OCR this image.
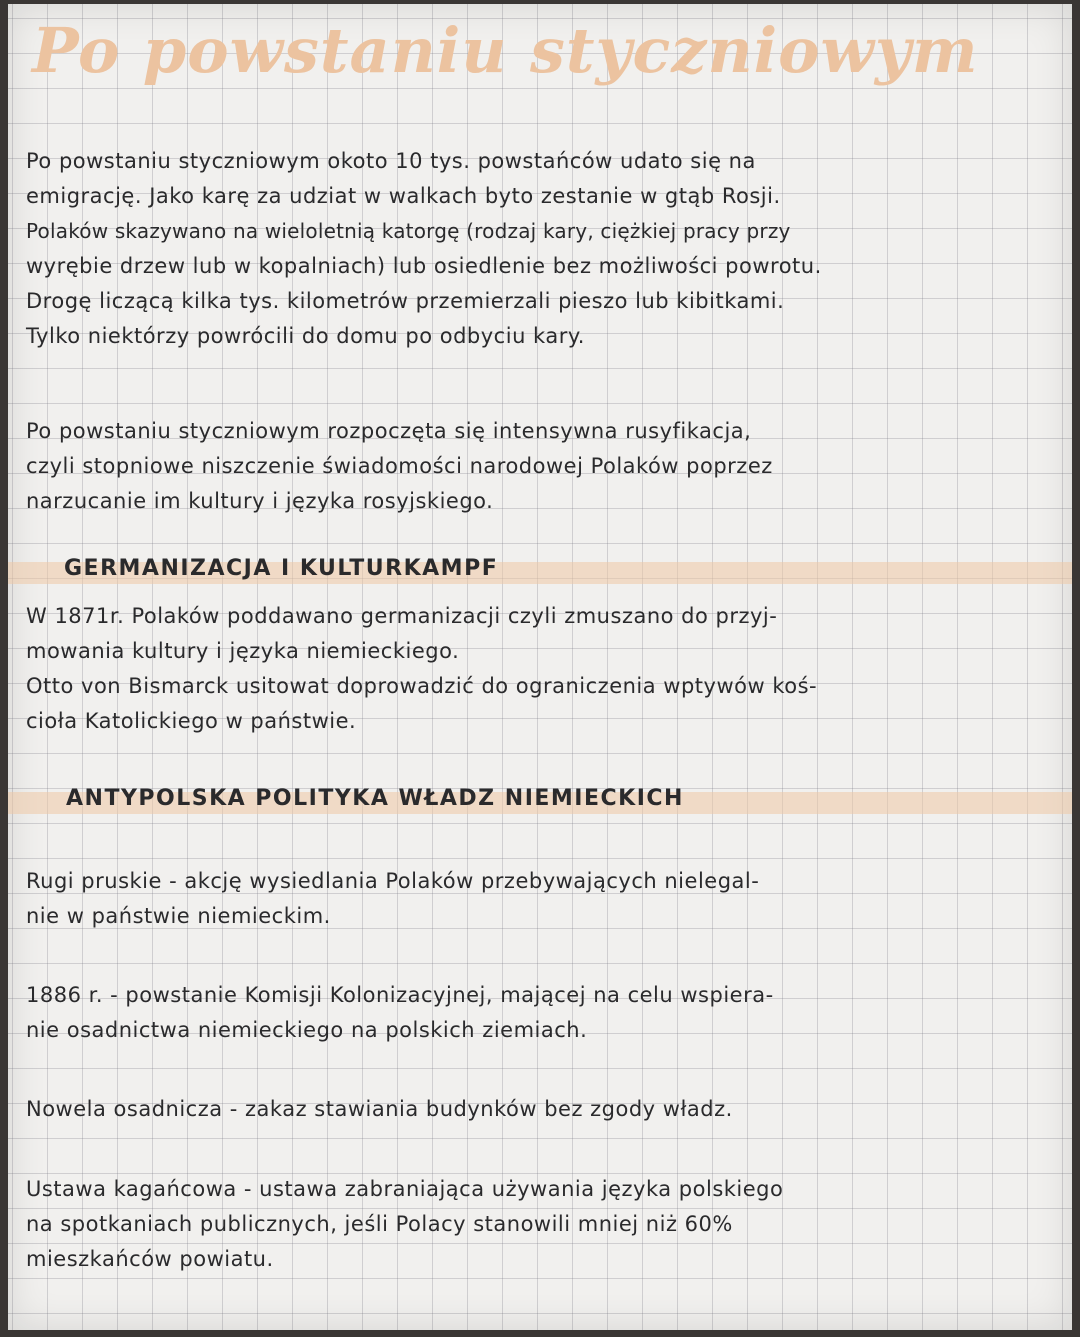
Po powstaniu styczniowym
Po powstaniu styczniowym okoto 10 tys. powstańców udato się na
emigrację. Jako karę za udziat w walkach byto zestanie w gtąb Rosji.
Polaków skazywano na wieloletnią katorgę (rodzaj kary, ciężkiej pracy przy
wyrębie drzew lub w kopalniach) lub osiedlenie bez możliwości powrotu.
Drogę liczącą kilka tys. kilometrów przemierzali pieszo lub kibitkami.
Tylko niektórzy powrócili do domu po odbyciu kary.
Po powstaniu styczniowym rozpoczęta się intensywna rusyfikacja,
czyli stopniowe niszczenie świadomości narodowej Polaków poprzez
narzucanie im kultury i języka rosyjskiego.
GERMANIZACJA I KULTURKAMPF
W 1871r. Polaków poddawano germanizacji czyli zmuszano do przyj-
mowania kultury i języka niemieckiego.
Otto von Bismarck usitowat doprowadzić do ograniczenia wptywów koś-
cioła Katolickiego w państwie.
ANTYPOLSKA POLITYKA WŁADZ NIEMIECKICH
Rugi pruskie - akcję wysiedlania Polaków przebywających nielegal-
nie w państwie niemieckim.
1886 r. - powstanie Komisji Kolonizacyjnej, mającej na celu wspiera-
nie osadnictwa niemieckiego na polskich ziemiach.
Nowela osadnicza - zakaz stawiania budynków bez zgody władz.
Ustawa kagańcowa - ustawa zabraniająca używania języka polskiego
na spotkaniach publicznych, jeśli Polacy stanowili mniej niż 60%
mieszkańców powiatu.
